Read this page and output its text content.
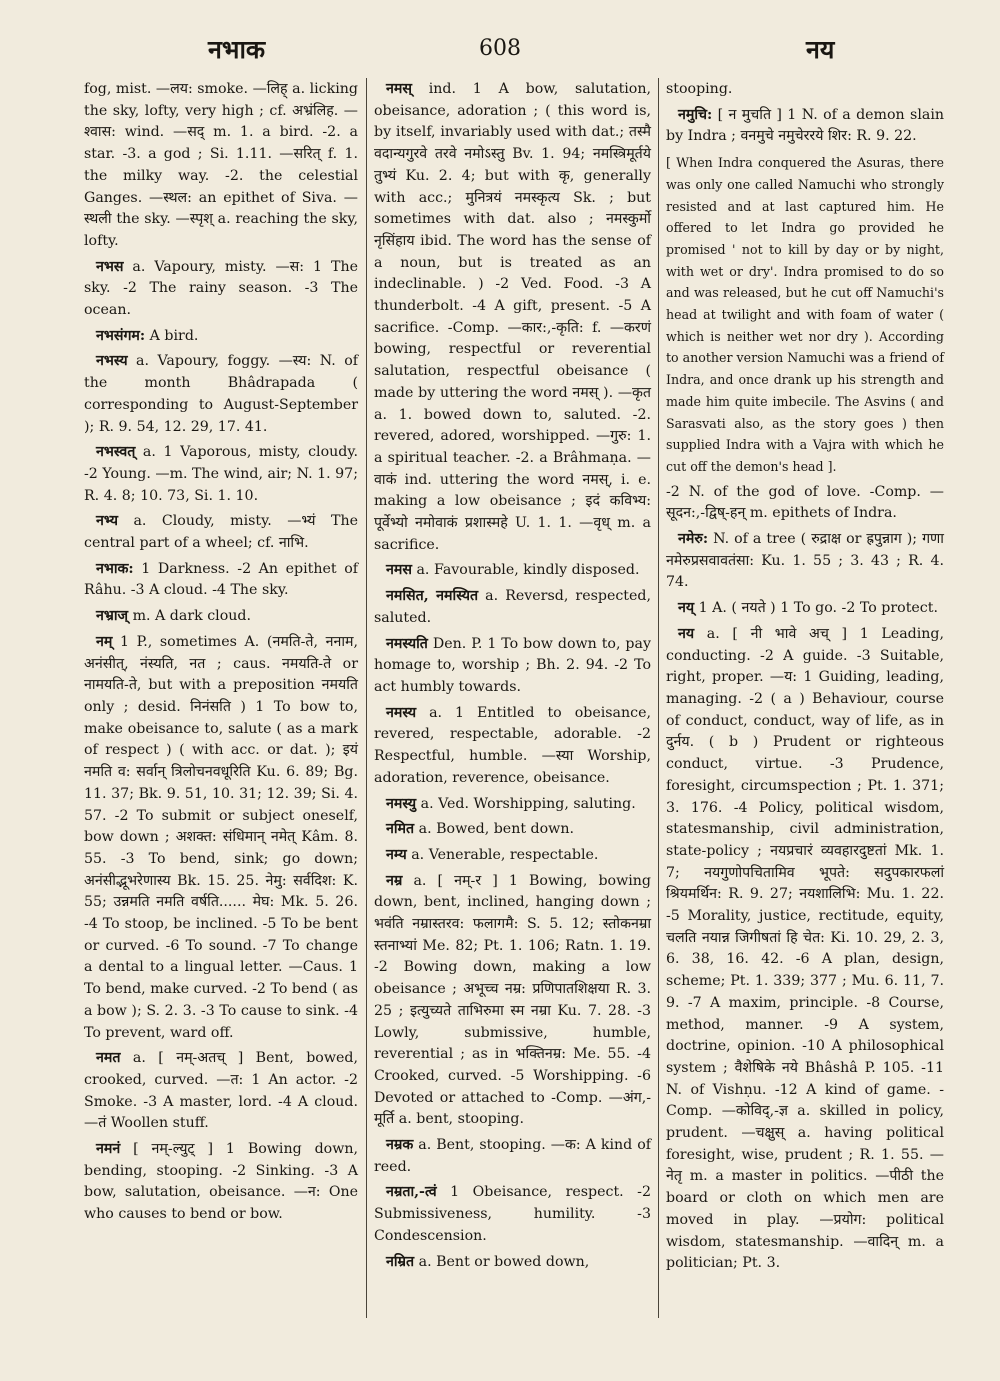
नभाक	608	नय

fog, mist. —लय: smoke. —लिह् a. licking the sky, lofty, very high ; cf. अभ्रंलिह. —श्वास: wind. —सद् m. 1. a bird. -2. a star. -3. a god ; Si. 1.11. —सरित् f. 1. the milky way. -2. the celestial Ganges. —स्थल: an epithet of Siva. —स्थली the sky. —स्पृश् a. reaching the sky, lofty.

नभस a. Vapoury, misty. —स: 1 The sky. -2 The rainy season. -3 The ocean.

नभसंगम: A bird.

नभस्य a. Vapoury, foggy. —स्य: N. of the month Bhâdrapada ( corresponding to August-September ); R. 9. 54, 12. 29, 17. 41.

नभस्वत् a. 1 Vaporous, misty, cloudy. -2 Young. —m. The wind, air; N. 1. 97; R. 4. 8; 10. 73, Si. 1. 10.

नभ्य a. Cloudy, misty. —भ्यं The central part of a wheel; cf. नाभि.

नभाक: 1 Darkness. -2 An epithet of Râhu. -3 A cloud. -4 The sky.

नभ्राज् m. A dark cloud.

नम् 1 P., sometimes A. (नमति-ते, ननाम, अनंसीत्, नंस्यति, नत ; caus. नमयति-ते or नामयति-ते, but with a preposition नमयति only ; desid. निनंसति ) 1 To bow to, make obeisance to, salute ( as a mark of respect ) ( with acc. or dat. ); इयं नमति व: सर्वान् त्रिलोचनवधूरिति Ku. 6. 89; Bg. 11. 37; Bk. 9. 51, 10. 31; 12. 39; Si. 4. 57. -2 To submit or subject oneself, bow down ; अशक्त: संधिमान् नमेत् Kâm. 8. 55. -3 To bend, sink; go down; अनंसीद्भूभरेणास्य Bk. 15. 25. नेमु: सर्वदिश: K. 55; उन्नमति नमति वर्षति...... मेघ: Mk. 5. 26. -4 To stoop, be inclined. -5 To be bent or curved. -6 To sound. -7 To change a dental to a lingual letter. —Caus. 1 To bend, make curved. -2 To bend ( as a bow ); S. 2. 3. -3 To cause to sink. -4 To prevent, ward off.

नमत a. [ नम्-अतच् ] Bent, bowed, crooked, curved. —त: 1 An actor. -2 Smoke. -3 A master, lord. -4 A cloud. —तं Woollen stuff.

नमनं [ नम्-ल्युट् ] 1 Bowing down, bending, stooping. -2 Sinking. -3 A bow, salutation, obeisance. —न: One who causes to bend or bow.

नमस् ind. 1 A bow, salutation, obeisance, adoration ; ( this word is, by itself, invariably used with dat.; तस्मै वदान्यगुरवे तरवे नमोऽस्तु Bv. 1. 94; नमस्त्रिमूर्तये तुभ्यं Ku. 2. 4; but with कृ, generally with acc.; मुनित्रयं नमस्कृत्य Sk. ; but sometimes with dat. also ; नमस्कुर्मो नृसिंहाय ibid. The word has the sense of a noun, but is treated as an indeclinable. ) -2 Ved. Food. -3 A thunderbolt. -4 A gift, present. -5 A sacrifice. -Comp. —कार:,-कृति: f. —करणं bowing, respectful or reverential salutation, respectful obeisance ( made by uttering the word नमस् ). —कृत a. 1. bowed down to, saluted. -2. revered, adored, worshipped. —गुरु: 1. a spiritual teacher. -2. a Brâhmaṇa. —वाकं ind. uttering the word नमस्, i. e. making a low obeisance ; इदं कविभ्य: पूर्वेभ्यो नमोवाकं प्रशास्महे U. 1. 1. —वृध् m. a sacrifice.

नमस a. Favourable, kindly disposed.

नमसित, नमस्यित a. Reversd, respected, saluted.

नमस्यति Den. P. 1 To bow down to, pay homage to, worship ; Bh. 2. 94. -2 To act humbly towards.

नमस्य a. 1 Entitled to obeisance, revered, respectable, adorable. -2 Respectful, humble. —स्या Worship, adoration, reverence, obeisance.

नमस्यु a. Ved. Worshipping, saluting.

नमित a. Bowed, bent down.

नम्य a. Venerable, respectable.

नम्र a. [ नम्-र ] 1 Bowing, bowing down, bent, inclined, hanging down ; भवंति नम्रास्तरव: फलागमै: S. 5. 12; स्तोकनम्रा स्तनाभ्यां Me. 82; Pt. 1. 106; Ratn. 1. 19. -2 Bowing down, making a low obeisance ; अभूच्च नम्र: प्रणिपातशिक्षया R. 3. 25 ; इत्युच्यते ताभिरुमा स्म नम्रा Ku. 7. 28. -3 Lowly, submissive, humble, reverential ; as in भक्तिनम्र: Me. 55. -4 Crooked, curved. -5 Worshipping. -6 Devoted or attached to -Comp. —अंग,-मूर्ति a. bent, stooping.

नम्रक a. Bent, stooping. —क: A kind of reed.

नम्रता,-त्वं 1 Obeisance, respect. -2 Submissiveness, humility. -3 Condescension.

नम्रित a. Bent or bowed down,

stooping.

नमुचि: [ न मुचति ] 1 N. of a demon slain by Indra ; वनमुचे नमुचेररये शिर: R. 9. 22.

[ When Indra conquered the Asuras, there was only one called Namuchi who strongly resisted and at last captured him. He offered to let Indra go provided he promised ' not to kill by day or by night, with wet or dry'. Indra promised to do so and was released, but he cut off Namuchi's head at twilight and with foam of water ( which is neither wet nor dry ). According to another version Namuchi was a friend of Indra, and once drank up his strength and made him quite imbecile. The Asvins ( and Sarasvati also, as the story goes ) then supplied Indra with a Vajra with which he cut off the demon's head ].

-2 N. of the god of love. -Comp. —सूदन:,-द्विष्-हन् m. epithets of Indra.

नमेरु: N. of a tree ( रुद्राक्ष or ह्रपुन्नाग ); गणा नमेरुप्रसवावतंसा: Ku. 1. 55 ; 3. 43 ; R. 4. 74.

नय् 1 A. ( नयते ) 1 To go. -2 To protect.

नय a. [ नी भावे अच् ] 1 Leading, conducting. -2 A guide. -3 Suitable, right, proper. —य: 1 Guiding, leading, managing. -2 ( a ) Behaviour, course of conduct, conduct, way of life, as in दुर्नय. ( b ) Prudent or righteous conduct, virtue. -3 Prudence, foresight, circumspection ; Pt. 1. 371; 3. 176. -4 Policy, political wisdom, statesmanship, civil administration, state-policy ; नयप्रचारं व्यवहारदुष्टतां Mk. 1. 7; नयगुणोपचितामिव भूपते: सदुपकारफलां श्रियमर्थिन: R. 9. 27; नयशालिभि: Mu. 1. 22. -5 Morality, justice, rectitude, equity, चलति नयान्न जिगीषतां हि चेत: Ki. 10. 29, 2. 3, 6. 38, 16. 42. -6 A plan, design, scheme; Pt. 1. 339; 377 ; Mu. 6. 11, 7. 9. -7 A maxim, principle. -8 Course, method, manner. -9 A system, doctrine, opinion. -10 A philosophical system ; वैशेषिके नये Bhâshâ P. 105. -11 N. of Vishṇu. -12 A kind of game. -Comp. —कोविद्,-ज्ञ a. skilled in policy, prudent. —चक्षुस् a. having political foresight, wise, prudent ; R. 1. 55. —नेतृ m. a master in politics. —पीठी the board or cloth on which men are moved in play. —प्रयोग: political wisdom, statesmanship. —वादिन् m. a politician; Pt. 3.
